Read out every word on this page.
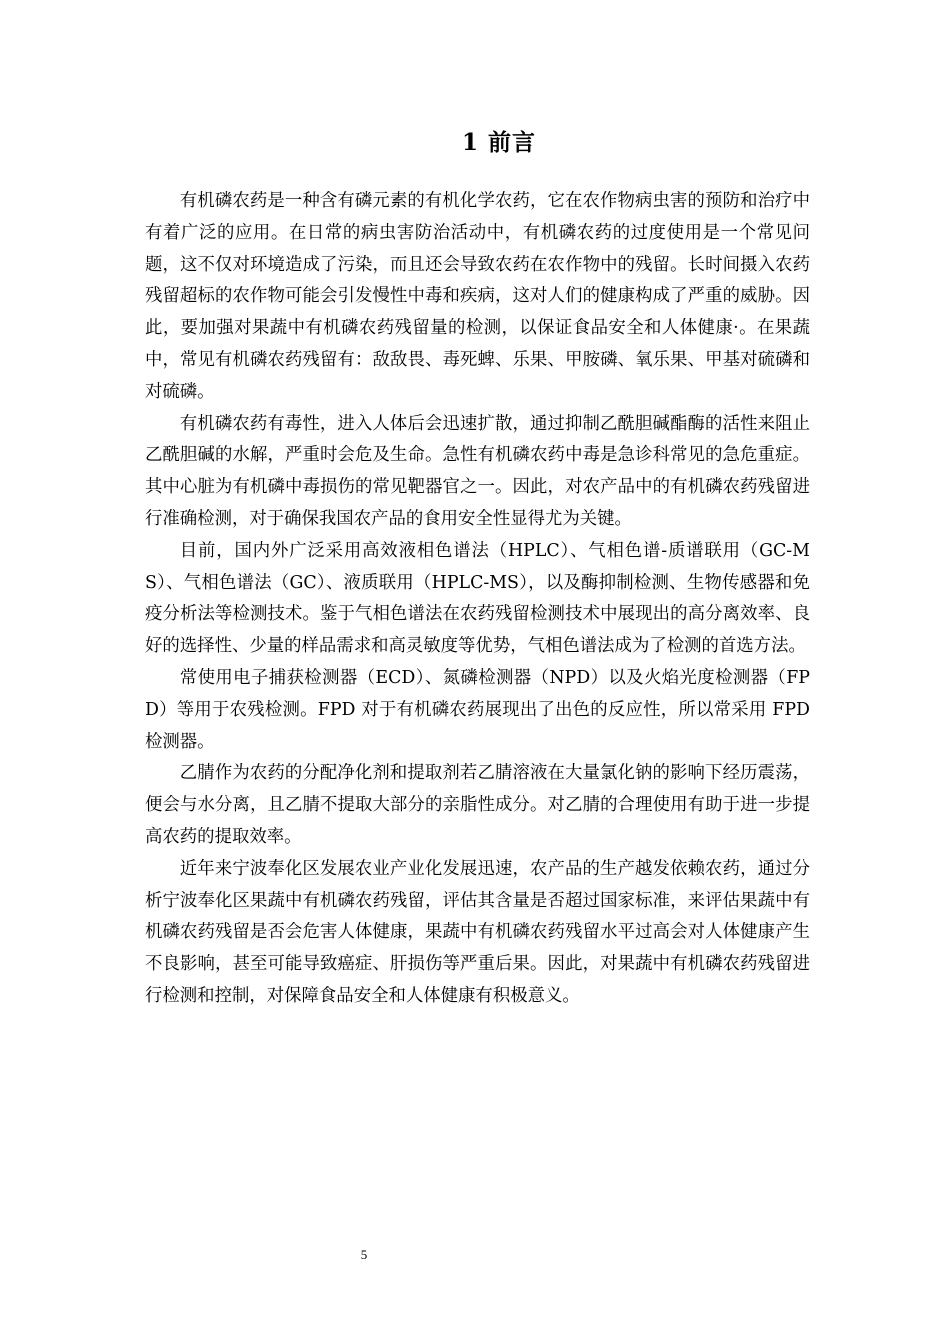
1 前言

有机磷农药是一种含有磷元素的有机化学农药，它在农作物病虫害的预防和治疗中有着广泛的应用。在日常的病虫害防治活动中，有机磷农药的过度使用是一个常见问题，这不仅对环境造成了污染，而且还会导致农药在农作物中的残留。长时间摄入农药残留超标的农作物可能会引发慢性中毒和疾病，这对人们的健康构成了严重的威胁。因此，要加强对果蔬中有机磷农药残留量的检测，以保证食品安全和人体健康·。在果蔬中，常见有机磷农药残留有：敌敌畏、毒死蜱、乐果、甲胺磷、氧乐果、甲基对硫磷和对硫磷。

有机磷农药有毒性，进入人体后会迅速扩散，通过抑制乙酰胆碱酯酶的活性来阻止乙酰胆碱的水解，严重时会危及生命。急性有机磷农药中毒是急诊科常见的急危重症。其中心脏为有机磷中毒损伤的常见靶器官之一。因此，对农产品中的有机磷农药残留进行准确检测，对于确保我国农产品的食用安全性显得尤为关键。

目前，国内外广泛采用高效液相色谱法（HPLC）、气相色谱-质谱联用（GC-MS）、气相色谱法（GC）、液质联用（HPLC-MS），以及酶抑制检测、生物传感器和免疫分析法等检测技术。鉴于气相色谱法在农药残留检测技术中展现出的高分离效率、良好的选择性、少量的样品需求和高灵敏度等优势，气相色谱法成为了检测的首选方法。

常使用电子捕获检测器（ECD）、氮磷检测器（NPD）以及火焰光度检测器（FPD）等用于农残检测。FPD 对于有机磷农药展现出了出色的反应性，所以常采用 FPD 检测器。

乙腈作为农药的分配净化剂和提取剂若乙腈溶液在大量氯化钠的影响下经历震荡，便会与水分离，且乙腈不提取大部分的亲脂性成分。对乙腈的合理使用有助于进一步提高农药的提取效率。

近年来宁波奉化区发展农业产业化发展迅速，农产品的生产越发依赖农药，通过分析宁波奉化区果蔬中有机磷农药残留，评估其含量是否超过国家标准，来评估果蔬中有机磷农药残留是否会危害人体健康，果蔬中有机磷农药残留水平过高会对人体健康产生不良影响，甚至可能导致癌症、肝损伤等严重后果。因此，对果蔬中有机磷农药残留进行检测和控制，对保障食品安全和人体健康有积极意义。

5
